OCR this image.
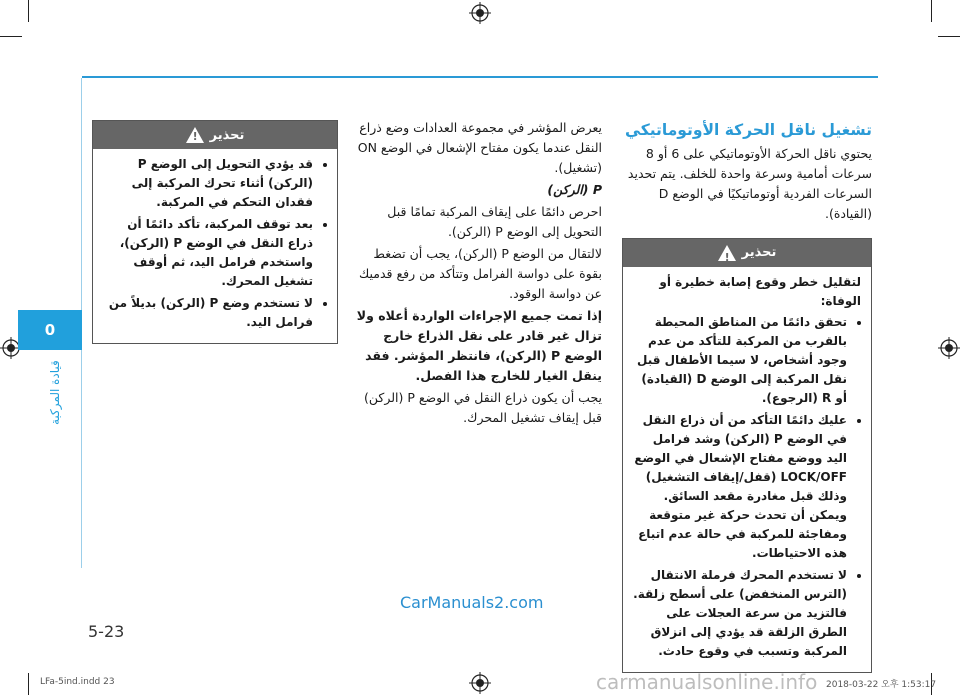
0
قيادة المركبة
تشغيل ناقل الحركة الأوتوماتيكي

يحتوي ناقل الحركة الأوتوماتيكي على 6 أو 8 سرعات أمامية وسرعة واحدة للخلف. يتم تحديد السرعات الفردية أوتوماتيكيًا في الوضع D (القيادة).

تحذير
!

لتقليل خطر وقوع إصابة خطيرة أو الوفاة:

• تحقق دائمًا من المناطق المحيطة بالقرب من المركبة للتأكد من عدم وجود أشخاص، لا سيما الأطفال قبل نقل المركبة إلى الوضع D (القيادة) أو R (الرجوع).
• عليك دائمًا التأكد من أن ذراع النقل في الوضع P (الركن) وشد فرامل اليد ووضع مفتاح الإشعال في الوضع LOCK/OFF (قفل/إيقاف التشغيل) وذلك قبل مغادرة مقعد السائق. ويمكن أن تحدث حركة غير متوقعة ومفاجئة للمركبة في حالة عدم اتباع هذه الاحتياطات.
• لا تستخدم المحرك فرملة الانتقال (الترس المنخفض) على أسطح زلقة. فالتزيد من سرعة العجلات على الطرق الزلقة قد يؤدي إلى انزلاق المركبة وتسبب في وقوع حادث.

يعرض المؤشر في مجموعة العدادات وضع ذراع النقل عندما يكون مفتاح الإشعال في الوضع ON (تشغيل).

P (الركن)

احرص دائمًا على إيقاف المركبة تمامًا قبل التحويل إلى الوضع P (الركن).

لالتقال من الوضع P (الركن)، يجب أن تضغط بقوة على دواسة الفرامل وتتأكد من رفع قدميك عن دواسة الوقود.

إذا تمت جميع الإجراءات الواردة أعلاه ولا تزال غير قادر على نقل الذراع خارج الوضع P (الركن)، فانتظر المؤشر. فقد ينقل الغيار للخارج هذا الفصل.

يجب أن يكون ذراع النقل في الوضع P (الركن) قبل إيقاف تشغيل المحرك.

تحذير
!
• قد يؤدي التحويل إلى الوضع P (الركن) أثناء تحرك المركبة إلى فقدان التحكم في المركبة.
• بعد توقف المركبة، تأكد دائمًا أن ذراع النقل في الوضع P (الركن)، واستخدم فرامل اليد، ثم أوقف تشغيل المحرك.
• لا تستخدم وضع P (الركن) بديلاً من فرامل اليد.
CarManuals2.com
5-23
LFa-5ind.indd 23	carmanualsonline.info 2018-03-22 오후 1:53:17
